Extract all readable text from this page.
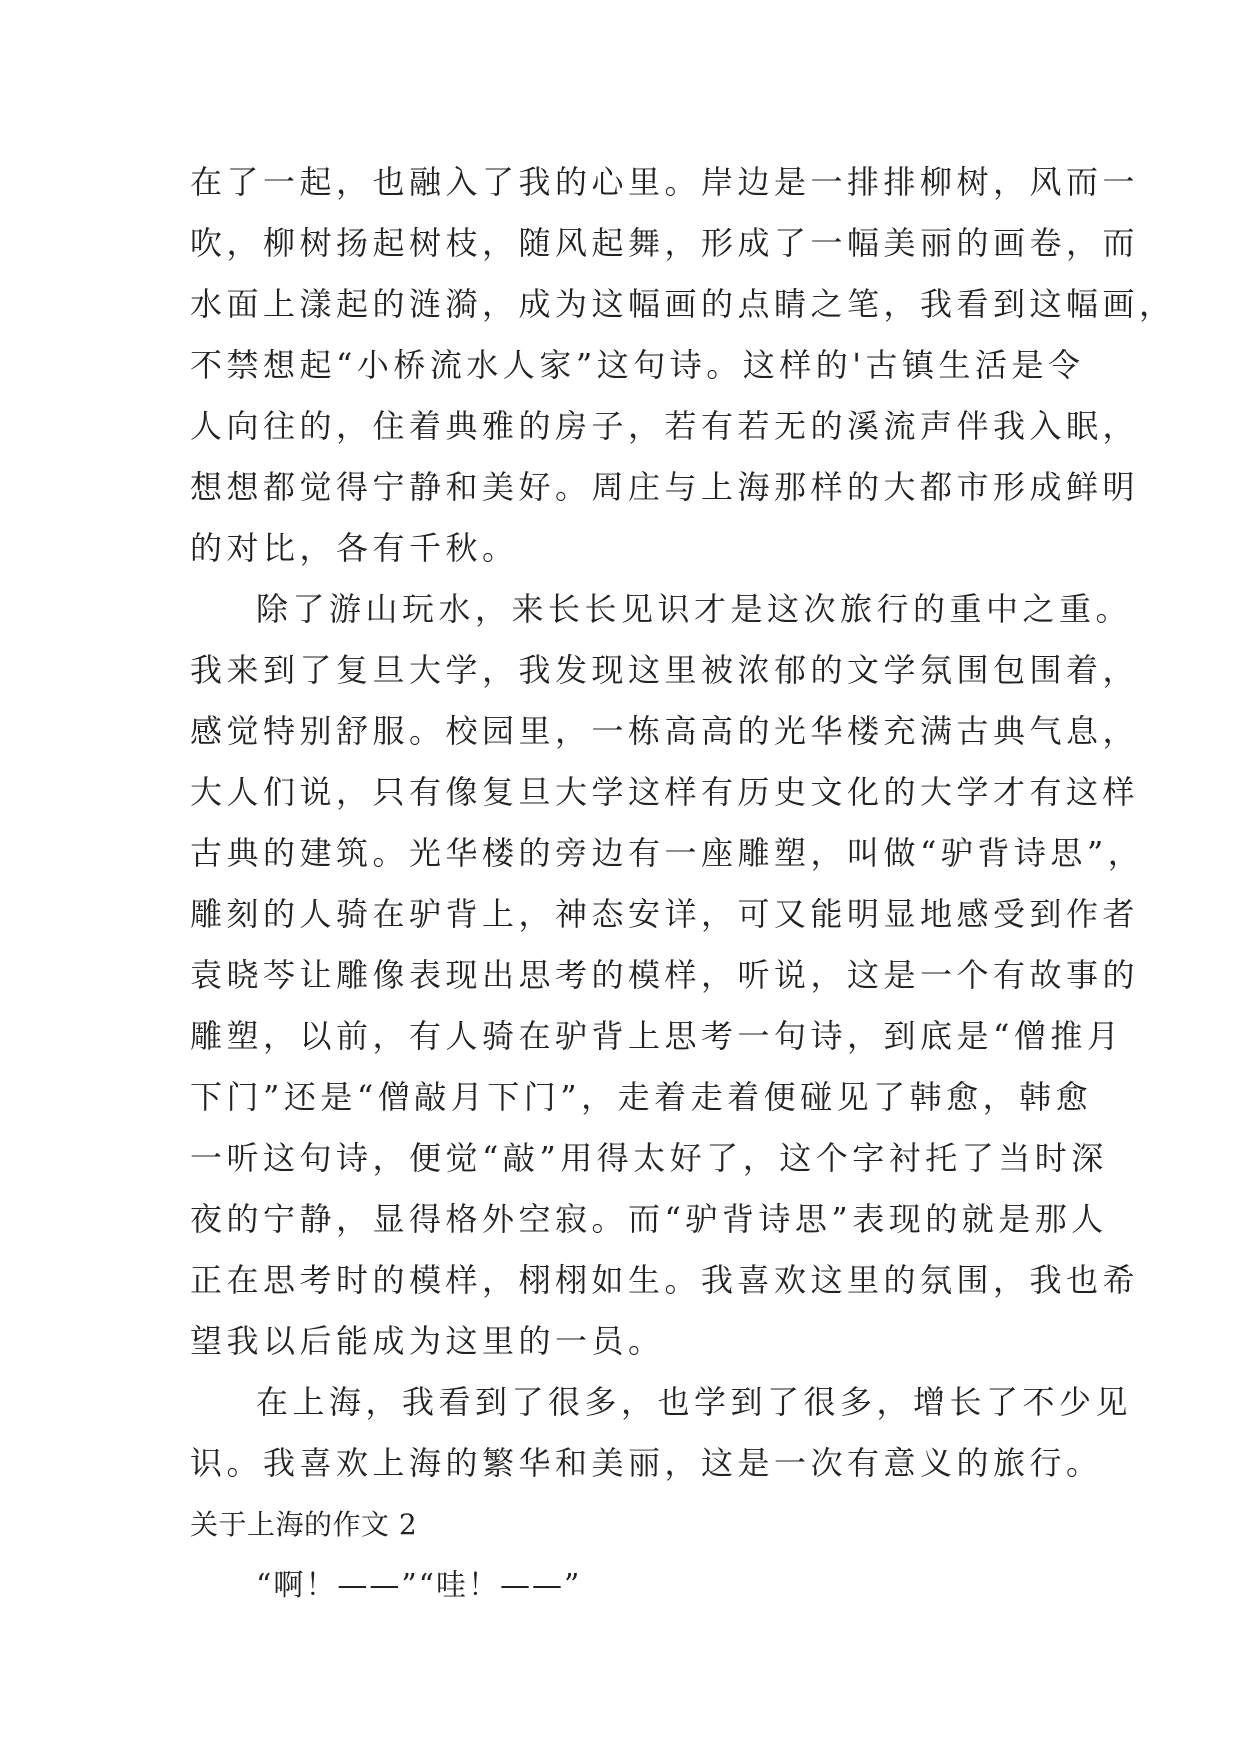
在了一起，也融入了我的心里。岸边是一排排柳树，风而一
吹，柳树扬起树枝，随风起舞，形成了一幅美丽的画卷，而
水面上漾起的涟漪，成为这幅画的点睛之笔，我看到这幅画，
不禁想起“小桥流水人家”这句诗。这样的'古镇生活是令
人向往的，住着典雅的房子，若有若无的溪流声伴我入眠，
想想都觉得宁静和美好。周庄与上海那样的大都市形成鲜明
的对比，各有千秋。
除了游山玩水，来长长见识才是这次旅行的重中之重。
我来到了复旦大学，我发现这里被浓郁的文学氛围包围着，
感觉特别舒服。校园里，一栋高高的光华楼充满古典气息，
大人们说，只有像复旦大学这样有历史文化的大学才有这样
古典的建筑。光华楼的旁边有一座雕塑，叫做“驴背诗思”，
雕刻的人骑在驴背上，神态安详，可又能明显地感受到作者
袁晓芩让雕像表现出思考的模样，听说，这是一个有故事的
雕塑，以前，有人骑在驴背上思考一句诗，到底是“僧推月
下门”还是“僧敲月下门”，走着走着便碰见了韩愈，韩愈
一听这句诗，便觉“敲”用得太好了，这个字衬托了当时深
夜的宁静，显得格外空寂。而“驴背诗思”表现的就是那人
正在思考时的模样，栩栩如生。我喜欢这里的氛围，我也希
望我以后能成为这里的一员。
在上海，我看到了很多，也学到了很多，增长了不少见
识。我喜欢上海的繁华和美丽，这是一次有意义的旅行。
关于上海的作文 2
“啊！——”“哇！——”
